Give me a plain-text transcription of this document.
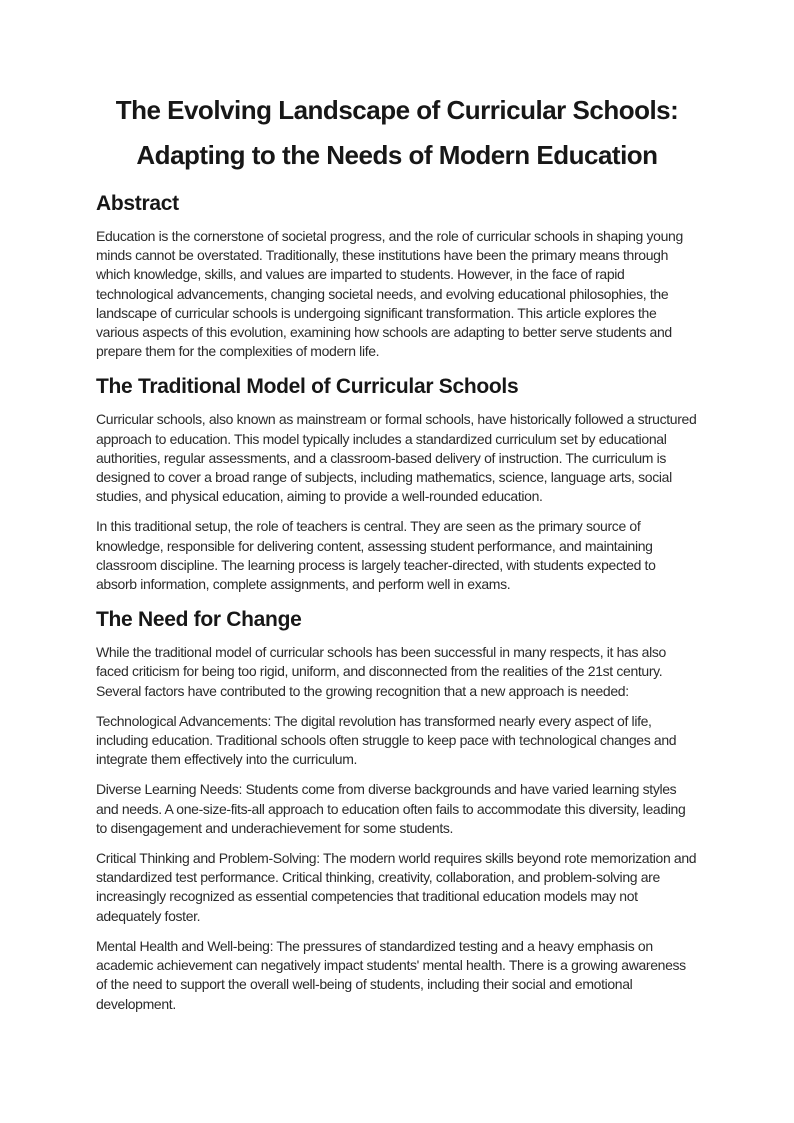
The Evolving Landscape of Curricular Schools:
Adapting to the Needs of Modern Education
Abstract

Education is the cornerstone of societal progress, and the role of curricular schools in shaping young minds cannot be overstated. Traditionally, these institutions have been the primary means through which knowledge, skills, and values are imparted to students. However, in the face of rapid technological advancements, changing societal needs, and evolving educational philosophies, the landscape of curricular schools is undergoing significant transformation. This article explores the various aspects of this evolution, examining how schools are adapting to better serve students and prepare them for the complexities of modern life.

The Traditional Model of Curricular Schools

Curricular schools, also known as mainstream or formal schools, have historically followed a structured approach to education. This model typically includes a standardized curriculum set by educational authorities, regular assessments, and a classroom-based delivery of instruction. The curriculum is designed to cover a broad range of subjects, including mathematics, science, language arts, social studies, and physical education, aiming to provide a well-rounded education.

In this traditional setup, the role of teachers is central. They are seen as the primary source of knowledge, responsible for delivering content, assessing student performance, and maintaining classroom discipline. The learning process is largely teacher-directed, with students expected to absorb information, complete assignments, and perform well in exams.

The Need for Change

While the traditional model of curricular schools has been successful in many respects, it has also faced criticism for being too rigid, uniform, and disconnected from the realities of the 21st century. Several factors have contributed to the growing recognition that a new approach is needed:

Technological Advancements: The digital revolution has transformed nearly every aspect of life, including education. Traditional schools often struggle to keep pace with technological changes and integrate them effectively into the curriculum.

Diverse Learning Needs: Students come from diverse backgrounds and have varied learning styles and needs. A one-size-fits-all approach to education often fails to accommodate this diversity, leading to disengagement and underachievement for some students.

Critical Thinking and Problem-Solving: The modern world requires skills beyond rote memorization and standardized test performance. Critical thinking, creativity, collaboration, and problem-solving are increasingly recognized as essential competencies that traditional education models may not adequately foster.

Mental Health and Well-being: The pressures of standardized testing and a heavy emphasis on academic achievement can negatively impact students' mental health. There is a growing awareness of the need to support the overall well-being of students, including their social and emotional development.
